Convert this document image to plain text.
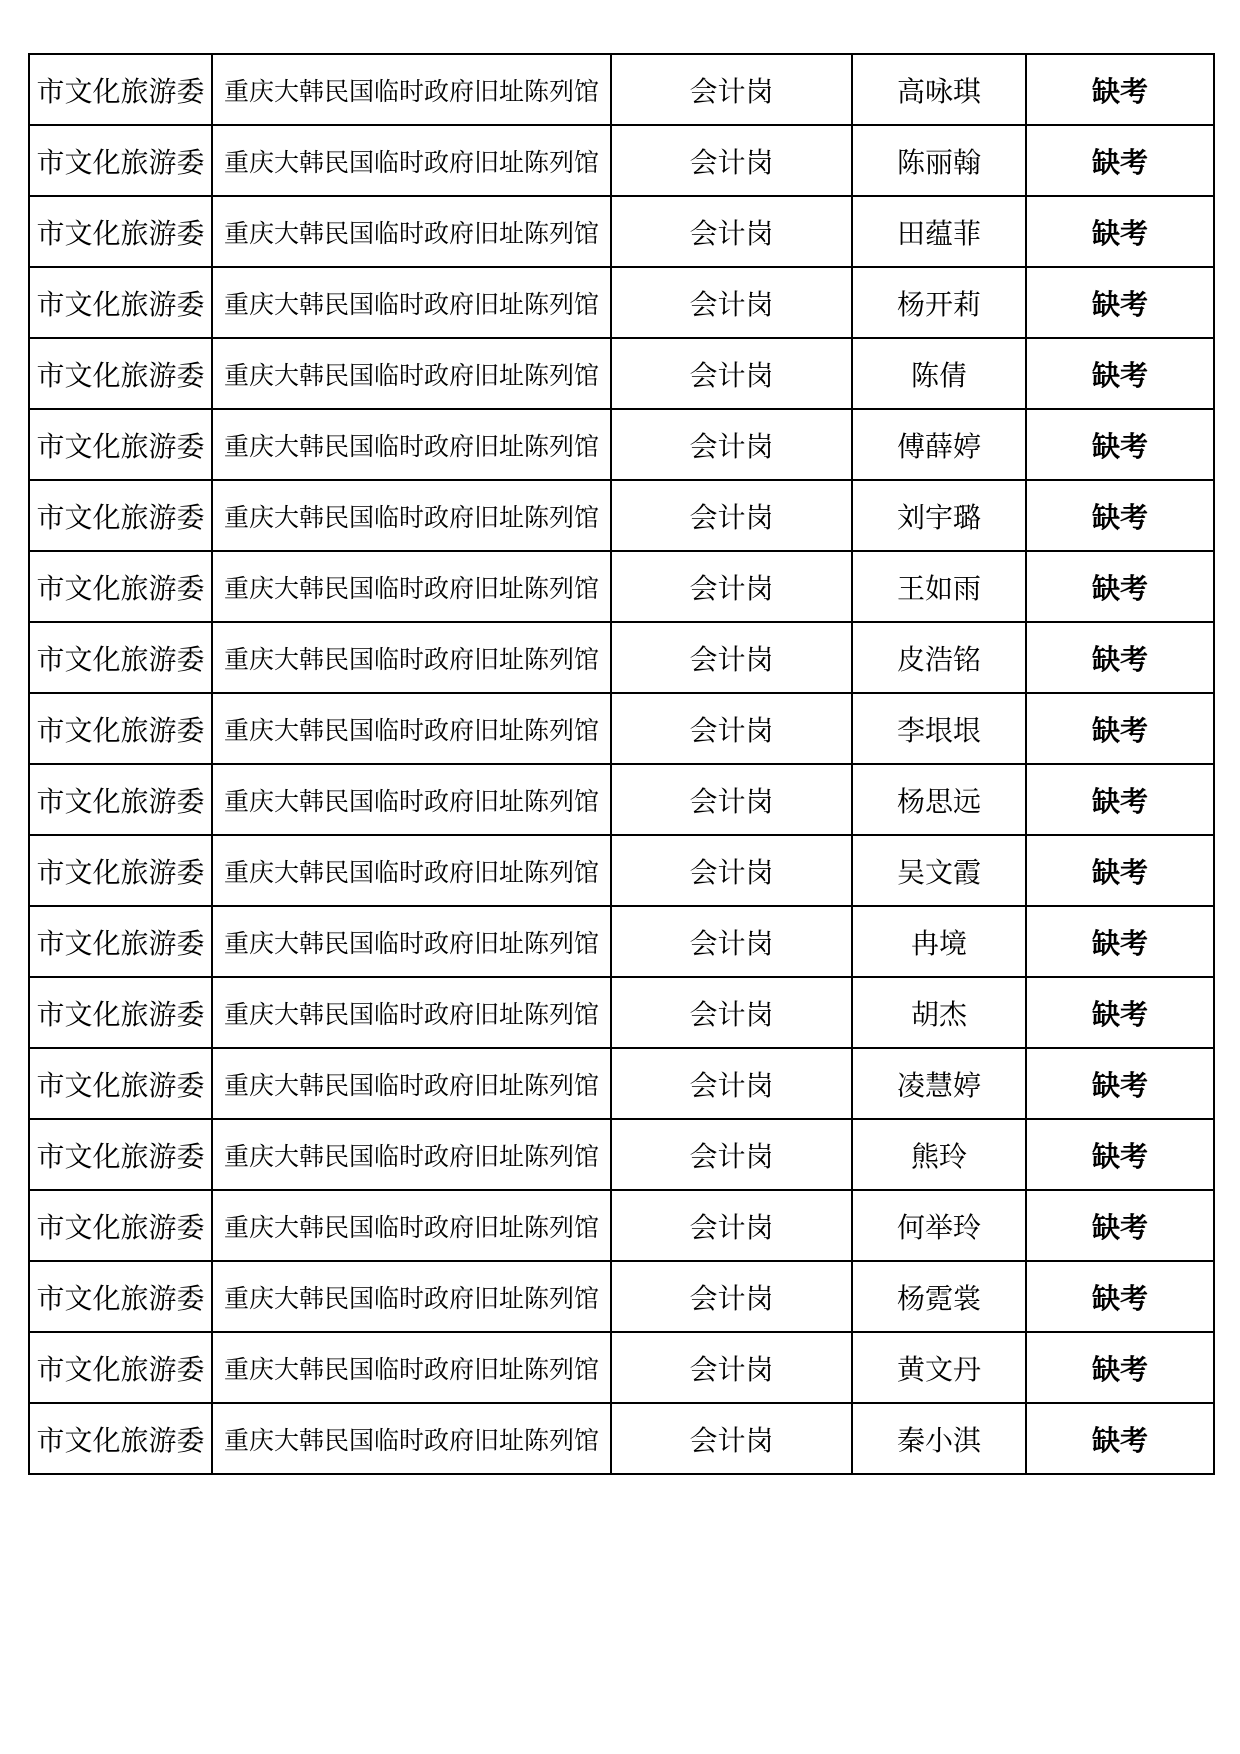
市文化旅游委	重庆大韩民国临时政府旧址陈列馆	会计岗	高咏琪	缺考
市文化旅游委	重庆大韩民国临时政府旧址陈列馆	会计岗	陈丽翰	缺考
市文化旅游委	重庆大韩民国临时政府旧址陈列馆	会计岗	田蕴菲	缺考
市文化旅游委	重庆大韩民国临时政府旧址陈列馆	会计岗	杨开莉	缺考
市文化旅游委	重庆大韩民国临时政府旧址陈列馆	会计岗	陈倩	缺考
市文化旅游委	重庆大韩民国临时政府旧址陈列馆	会计岗	傅薛婷	缺考
市文化旅游委	重庆大韩民国临时政府旧址陈列馆	会计岗	刘宇璐	缺考
市文化旅游委	重庆大韩民国临时政府旧址陈列馆	会计岗	王如雨	缺考
市文化旅游委	重庆大韩民国临时政府旧址陈列馆	会计岗	皮浩铭	缺考
市文化旅游委	重庆大韩民国临时政府旧址陈列馆	会计岗	李垠垠	缺考
市文化旅游委	重庆大韩民国临时政府旧址陈列馆	会计岗	杨思远	缺考
市文化旅游委	重庆大韩民国临时政府旧址陈列馆	会计岗	吴文霞	缺考
市文化旅游委	重庆大韩民国临时政府旧址陈列馆	会计岗	冉境	缺考
市文化旅游委	重庆大韩民国临时政府旧址陈列馆	会计岗	胡杰	缺考
市文化旅游委	重庆大韩民国临时政府旧址陈列馆	会计岗	凌慧婷	缺考
市文化旅游委	重庆大韩民国临时政府旧址陈列馆	会计岗	熊玲	缺考
市文化旅游委	重庆大韩民国临时政府旧址陈列馆	会计岗	何举玲	缺考
市文化旅游委	重庆大韩民国临时政府旧址陈列馆	会计岗	杨霓裳	缺考
市文化旅游委	重庆大韩民国临时政府旧址陈列馆	会计岗	黄文丹	缺考
市文化旅游委	重庆大韩民国临时政府旧址陈列馆	会计岗	秦小淇	缺考
